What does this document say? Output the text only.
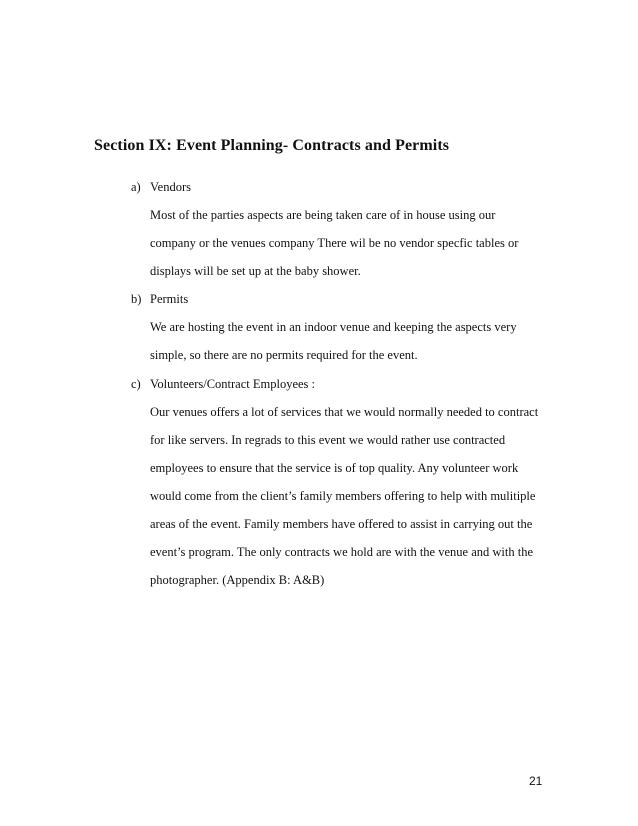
Section IX: Event Planning- Contracts and Permits
a) Vendors
Most of the parties aspects are being taken care of in house using our
company or the venues company There wil be no vendor specfic tables or
displays will be set up at the baby shower.
b) Permits
We are hosting the event in an indoor venue and keeping the aspects very
simple, so there are no permits required for the event.
c) Volunteers/Contract Employees :
Our venues offers a lot of services that we would normally needed to contract
for like servers. In regrads to this event we would rather use contracted
employees to ensure that the service is of top quality. Any volunteer work
would come from the client’s family members offering to help with mulitiple
areas of the event. Family members have offered to assist in carrying out the
event’s program. The only contracts we hold are with the venue and with the
photographer. (Appendix B: A&B)
21
